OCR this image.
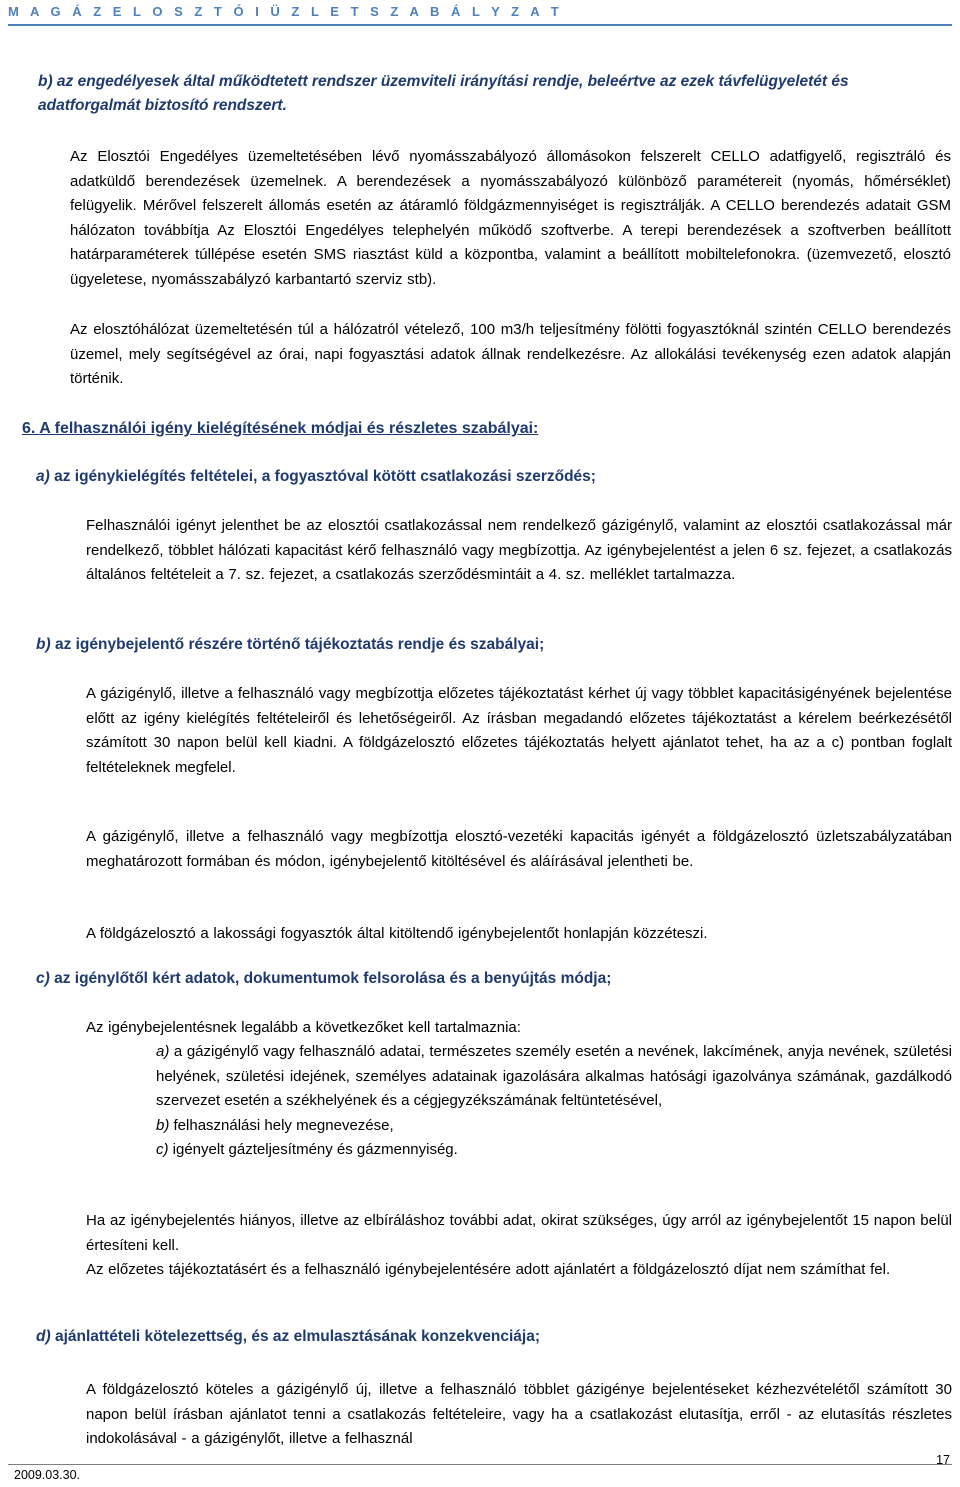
M A G Á Z E L O S Z T Ó I Ü Z L E T S Z A B Á L Y Z A T
b) az engedélyesek által működtetett rendszer üzemviteli irányítási rendje, beleértve az ezek távfelügyeletét és adatforgalmát biztosító rendszert.
Az Elosztói Engedélyes üzemeltetésében lévő nyomásszabályozó állomásokon felszerelt CELLO adatfigyelő, regisztráló és adatküldő berendezések üzemelnek. A berendezések a nyomásszabályozó különböző paramétereit (nyomás, hőmérséklet) felügyelik. Mérővel felszerelt állomás esetén az átáramló földgázmennyiséget is regisztrálják. A CELLO berendezés adatait GSM hálózaton továbbítja Az Elosztói Engedélyes telephelyén működő szoftverbe. A terepi berendezések a szoftverben beállított határparaméterek túllépése esetén SMS riasztást küld a központba, valamint a beállított mobiltelefonokra. (üzemvezető, elosztó ügyeletese, nyomásszabályzó karbantartó szerviz stb).
Az elosztóhálózat üzemeltetésén túl a hálózatról vételező, 100 m3/h teljesítmény fölötti fogyasztóknál szintén CELLO berendezés üzemel, mely segítségével az órai, napi fogyasztási adatok állnak rendelkezésre. Az allokálási tevékenység ezen adatok alapján történik.
6. A felhasználói igény kielégítésének módjai és részletes szabályai:
a) az igénykielégítés feltételei, a fogyasztóval kötött csatlakozási szerződés;
Felhasználói igényt jelenthet be az elosztói csatlakozással nem rendelkező gázigénylő, valamint az elosztói csatlakozással már rendelkező, többlet hálózati kapacitást kérő felhasználó vagy megbízottja. Az igénybejelentést a jelen 6 sz. fejezet, a csatlakozás általános feltételeit a 7. sz. fejezet, a csatlakozás szerződésmintáit a 4. sz. melléklet tartalmazza.
b) az igénybejelentő részére történő tájékoztatás rendje és szabályai;
A gázigénylő, illetve a felhasználó vagy megbízottja előzetes tájékoztatást kérhet új vagy többlet kapacitásigényének bejelentése előtt az igény kielégítés feltételeiről és lehetőségeiről. Az írásban megadandó előzetes tájékoztatást a kérelem beérkezésétől számított 30 napon belül kell kiadni. A földgázelosztó előzetes tájékoztatás helyett ajánlatot tehet, ha az a c) pontban foglalt feltételeknek megfelel.
A gázigénylő, illetve a felhasználó vagy megbízottja elosztó-vezetéki kapacitás igényét a földgázelosztó üzletszabályzatában meghatározott formában és módon, igénybejelentő kitöltésével és aláírásával jelentheti be.
A földgázelosztó a lakossági fogyasztók által kitöltendő igénybejelentőt honlapján közzéteszi.
c) az igénylőtől kért adatok, dokumentumok felsorolása és a benyújtás módja;
Az igénybejelentésnek legalább a következőket kell tartalmaznia:

a) a gázigénylő vagy felhasználó adatai, természetes személy esetén a nevének, lakcímének, anyja nevének, születési helyének, születési idejének, személyes adatainak igazolására alkalmas hatósági igazolványa számának, gazdálkodó szervezet esetén a székhelyének és a cégjegyzékszámának feltüntetésével,

b) felhasználási hely megnevezése,

c) igényelt gázteljesítmény és gázmennyiség.

Ha az igénybejelentés hiányos, illetve az elbíráláshoz további adat, okirat szükséges, úgy arról az igénybejelentőt 15 napon belül értesíteni kell.
Az előzetes tájékoztatásért és a felhasználó igénybejelentésére adott ajánlatért a földgázelosztó díjat nem számíthat fel.
d) ajánlattételi kötelezettség, és az elmulasztásának konzekvenciája;
A földgázelosztó köteles a gázigénylő új, illetve a felhasználó többlet gázigénye bejelentéseket kézhezvételétől számított 30 napon belül írásban ajánlatot tenni a csatlakozás feltételeire, vagy ha a csatlakozást elutasítja, erről - az elutasítás részletes indokolásával - a gázigénylőt, illetve a felhasznál
2009.03.30.
17
